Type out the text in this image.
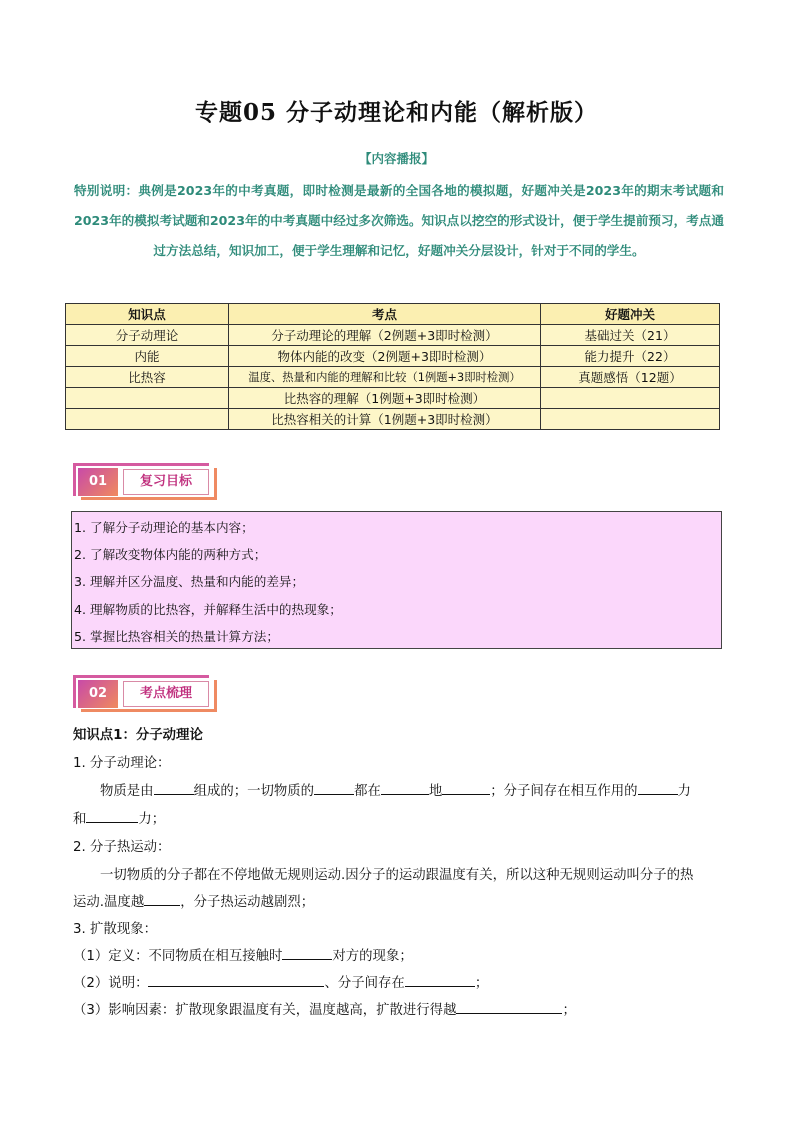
专题05 分子动理论和内能（解析版）
【内容播报】
特别说明：典例是2023年的中考真题，即时检测是最新的全国各地的模拟题，好题冲关是2023年的期末考试题和2023年的模拟考试题和2023年的中考真题中经过多次筛选。知识点以挖空的形式设计，便于学生提前预习，考点通过方法总结，知识加工，便于学生理解和记忆，好题冲关分层设计，针对于不同的学生。
知识点	考点	好题冲关
分子动理论	分子动理论的理解（2例题+3即时检测）	基础过关（21）
内能	物体内能的改变（2例题+3即时检测）	能力提升（22）
比热容	温度、热量和内能的理解和比较（1例题+3即时检测）	真题感悟（12题）
	比热容的理解（1例题+3即时检测）	
	比热容相关的计算（1例题+3即时检测）	
01	复习目标
1. 了解分子动理论的基本内容；
2. 了解改变物体内能的两种方式；
3. 理解并区分温度、热量和内能的差异；
4. 理解物质的比热容，并解释生活中的热现象；
5. 掌握比热容相关的热量计算方法；
02	考点梳理
知识点1：分子动理论
1. 分子动理论：
物质是由	组成的；一切物质的	都在	地	；分子间存在相互作用的	力
和	力；
2. 分子热运动：
一切物质的分子都在不停地做无规则运动.因分子的运动跟温度有关，所以这种无规则运动叫分子的热
运动.温度越	，分子热运动越剧烈；
3. 扩散现象：
（1）定义：不同物质在相互接触时	对方的现象；
（2）说明：	、分子间存在	；
（3）影响因素：扩散现象跟温度有关，温度越高，扩散进行得越	；
